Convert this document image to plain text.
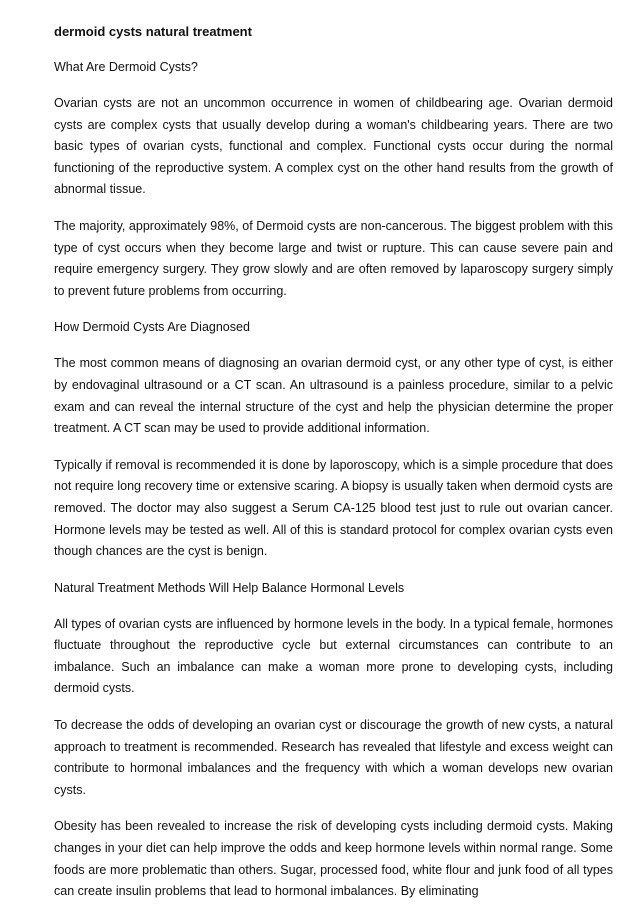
dermoid cysts natural treatment
What Are Dermoid Cysts?

Ovarian cysts are not an uncommon occurrence in women of childbearing age. Ovarian dermoid cysts are complex cysts that usually develop during a woman's childbearing years. There are two basic types of ovarian cysts, functional and complex. Functional cysts occur during the normal functioning of the reproductive system. A complex cyst on the other hand results from the growth of abnormal tissue.

The majority, approximately 98%, of Dermoid cysts are non-cancerous. The biggest problem with this type of cyst occurs when they become large and twist or rupture. This can cause severe pain and require emergency surgery. They grow slowly and are often removed by laparoscopy surgery simply to prevent future problems from occurring.

How Dermoid Cysts Are Diagnosed

The most common means of diagnosing an ovarian dermoid cyst, or any other type of cyst, is either by endovaginal ultrasound or a CT scan. An ultrasound is a painless procedure, similar to a pelvic exam and can reveal the internal structure of the cyst and help the physician determine the proper treatment. A CT scan may be used to provide additional information.

Typically if removal is recommended it is done by laporoscopy, which is a simple procedure that does not require long recovery time or extensive scaring. A biopsy is usually taken when dermoid cysts are removed. The doctor may also suggest a Serum CA-125 blood test just to rule out ovarian cancer. Hormone levels may be tested as well. All of this is standard protocol for complex ovarian cysts even though chances are the cyst is benign.

Natural Treatment Methods Will Help Balance Hormonal Levels

All types of ovarian cysts are influenced by hormone levels in the body. In a typical female, hormones fluctuate throughout the reproductive cycle but external circumstances can contribute to an imbalance. Such an imbalance can make a woman more prone to developing cysts, including dermoid cysts.

To decrease the odds of developing an ovarian cyst or discourage the growth of new cysts, a natural approach to treatment is recommended. Research has revealed that lifestyle and excess weight can contribute to hormonal imbalances and the frequency with which a woman develops new ovarian cysts.

Obesity has been revealed to increase the risk of developing cysts including dermoid cysts. Making changes in your diet can help improve the odds and keep hormone levels within normal range. Some foods are more problematic than others. Sugar, processed food, white flour and junk food of all types can create insulin problems that lead to hormonal imbalances. By eliminating
